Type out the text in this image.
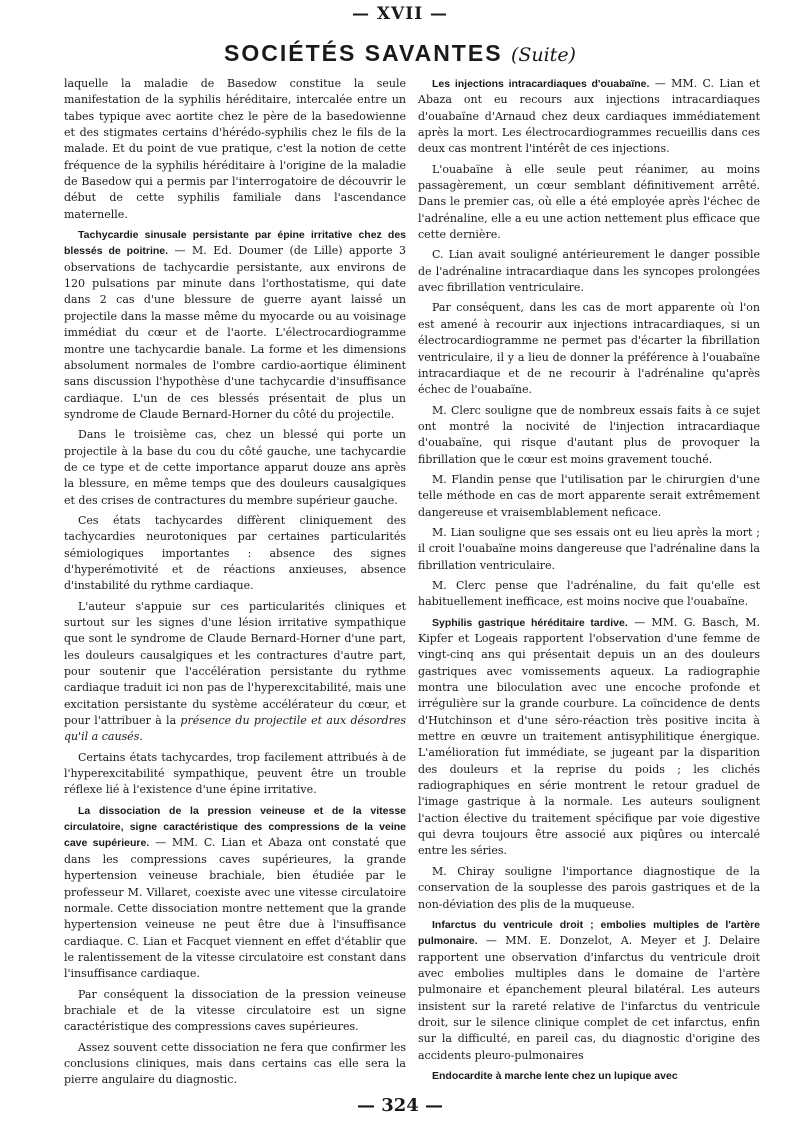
— XVII —
SOCIÉTÉS SAVANTES (Suite)

laquelle la maladie de Basedow constitue la seule manifestation de la syphilis héréditaire, intercalée entre un tabes typique avec aortite chez le père de la basedowienne et des stigmates certains d'hérédo-syphilis chez le fils de la malade. Et du point de vue pratique, c'est la notion de cette fréquence de la syphilis héréditaire à l'origine de la maladie de Basedow qui a permis par l'interrogatoire de découvrir le début de cette syphilis familiale dans l'ascendance maternelle.

Tachycardie sinusale persistante par épine irritative chez des blessés de poitrine. — M. Ed. Doumer (de Lille) apporte 3 observations de tachycardie persistante, aux environs de 120 pulsations par minute dans l'orthostatisme, qui date dans 2 cas d'une blessure de guerre ayant laissé un projectile dans la masse même du myocarde ou au voisinage immédiat du cœur et de l'aorte. L'électrocardiogramme montre une tachycardie banale. La forme et les dimensions absolument normales de l'ombre cardio-aortique éliminent sans discussion l'hypothèse d'une tachycardie d'insuffisance cardiaque. L'un de ces blessés présentait de plus un syndrome de Claude Bernard-Horner du côté du projectile.

Dans le troisième cas, chez un blessé qui porte un projectile à la base du cou du côté gauche, une tachycardie de ce type et de cette importance apparut douze ans après la blessure, en même temps que des douleurs causalgiques et des crises de contractures du membre supérieur gauche.

Ces états tachycardes diffèrent cliniquement des tachycardies neurotoniques par certaines particularités sémiologiques importantes : absence des signes d'hyperémotivité et de réactions anxieuses, absence d'instabilité du rythme cardiaque.

L'auteur s'appuie sur ces particularités cliniques et surtout sur les signes d'une lésion irritative sympathique que sont le syndrome de Claude Bernard-Horner d'une part, les douleurs causalgiques et les contractures d'autre part, pour soutenir que l'accélération persistante du rythme cardiaque traduit ici non pas de l'hyperexcitabilité, mais une excitation persistante du système accélérateur du cœur, et pour l'attribuer à la présence du projectile et aux désordres qu'il a causés.

Certains états tachycardes, trop facilement attribués à de l'hyperexcitabilité sympathique, peuvent être un trouble réflexe lié à l'existence d'une épine irritative.

La dissociation de la pression veineuse et de la vitesse circulatoire, signe caractéristique des compressions de la veine cave supérieure. — MM. C. Lian et Abaza ont constaté que dans les compressions caves supérieures, la grande hypertension veineuse brachiale, bien étudiée par le professeur M. Villaret, coexiste avec une vitesse circulatoire normale. Cette dissociation montre nettement que la grande hypertension veineuse ne peut être due à l'insuffisance cardiaque. C. Lian et Facquet viennent en effet d'établir que le ralentissement de la vitesse circulatoire est constant dans l'insuffisance cardiaque.

Par conséquent la dissociation de la pression veineuse brachiale et de la vitesse circulatoire est un signe caractéristique des compressions caves supérieures.

Assez souvent cette dissociation ne fera que confirmer les conclusions cliniques, mais dans certains cas elle sera la pierre angulaire du diagnostic.

Les injections intracardiaques d'ouabaïne. — MM. C. Lian et Abaza ont eu recours aux injections intracardiaques d'ouabaïne d'Arnaud chez deux cardiaques immédiatement après la mort. Les électrocardiogrammes recueillis dans ces deux cas montrent l'intérêt de ces injections.

L'ouabaïne à elle seule peut réanimer, au moins passagèrement, un cœur semblant définitivement arrêté. Dans le premier cas, où elle a été employée après l'échec de l'adrénaline, elle a eu une action nettement plus efficace que cette dernière.

C. Lian avait souligné antérieurement le danger possible de l'adrénaline intracardiaque dans les syncopes prolongées avec fibrillation ventriculaire.

Par conséquent, dans les cas de mort apparente où l'on est amené à recourir aux injections intracardiaques, si un électrocardiogramme ne permet pas d'écarter la fibrillation ventriculaire, il y a lieu de donner la préférence à l'ouabaïne intracardiaque et de ne recourir à l'adrénaline qu'après échec de l'ouabaïne.

M. Clerc souligne que de nombreux essais faits à ce sujet ont montré la nocivité de l'injection intracardiaque d'ouabaïne, qui risque d'autant plus de provoquer la fibrillation que le cœur est moins gravement touché.

M. Flandin pense que l'utilisation par le chirurgien d'une telle méthode en cas de mort apparente serait extrêmement dangereuse et vraisemblablement neficace.

M. Lian souligne que ses essais ont eu lieu après la mort ; il croit l'ouabaïne moins dangereuse que l'adrénaline dans la fibrillation ventriculaire.

M. Clerc pense que l'adrénaline, du fait qu'elle est habituellement inefficace, est moins nocive que l'ouabaïne.

Syphilis gastrique héréditaire tardive. — MM. G. Basch, M. Kipfer et Logeais rapportent l'observation d'une femme de vingt-cinq ans qui présentait depuis un an des douleurs gastriques avec vomissements aqueux. La radiographie montra une biloculation avec une encoche profonde et irrégulière sur la grande courbure. La coïncidence de dents d'Hutchinson et d'une séro-réaction très positive incita à mettre en œuvre un traitement antisyphilitique énergique. L'amélioration fut immédiate, se jugeant par la disparition des douleurs et la reprise du poids ; les clichés radiographiques en série montrent le retour graduel de l'image gastrique à la normale. Les auteurs soulignent l'action élective du traitement spécifique par voie digestive qui devra toujours être associé aux piqûres ou intercalé entre les séries.

M. Chiray souligne l'importance diagnostique de la conservation de la souplesse des parois gastriques et de la non-déviation des plis de la muqueuse.

Infarctus du ventricule droit ; embolies multiples de l'artère pulmonaire. — MM. E. Donzelot, A. Meyer et J. Delaire rapportent une observation d'infarctus du ventricule droit avec embolies multiples dans le domaine de l'artère pulmonaire et épanchement pleural bilatéral. Les auteurs insistent sur la rareté relative de l'infarctus du ventricule droit, sur le silence clinique complet de cet infarctus, enfin sur la difficulté, en pareil cas, du diagnostic d'origine des accidents pleuro-pulmonaires

Endocardite à marche lente chez un lupique avec

— 324 —
